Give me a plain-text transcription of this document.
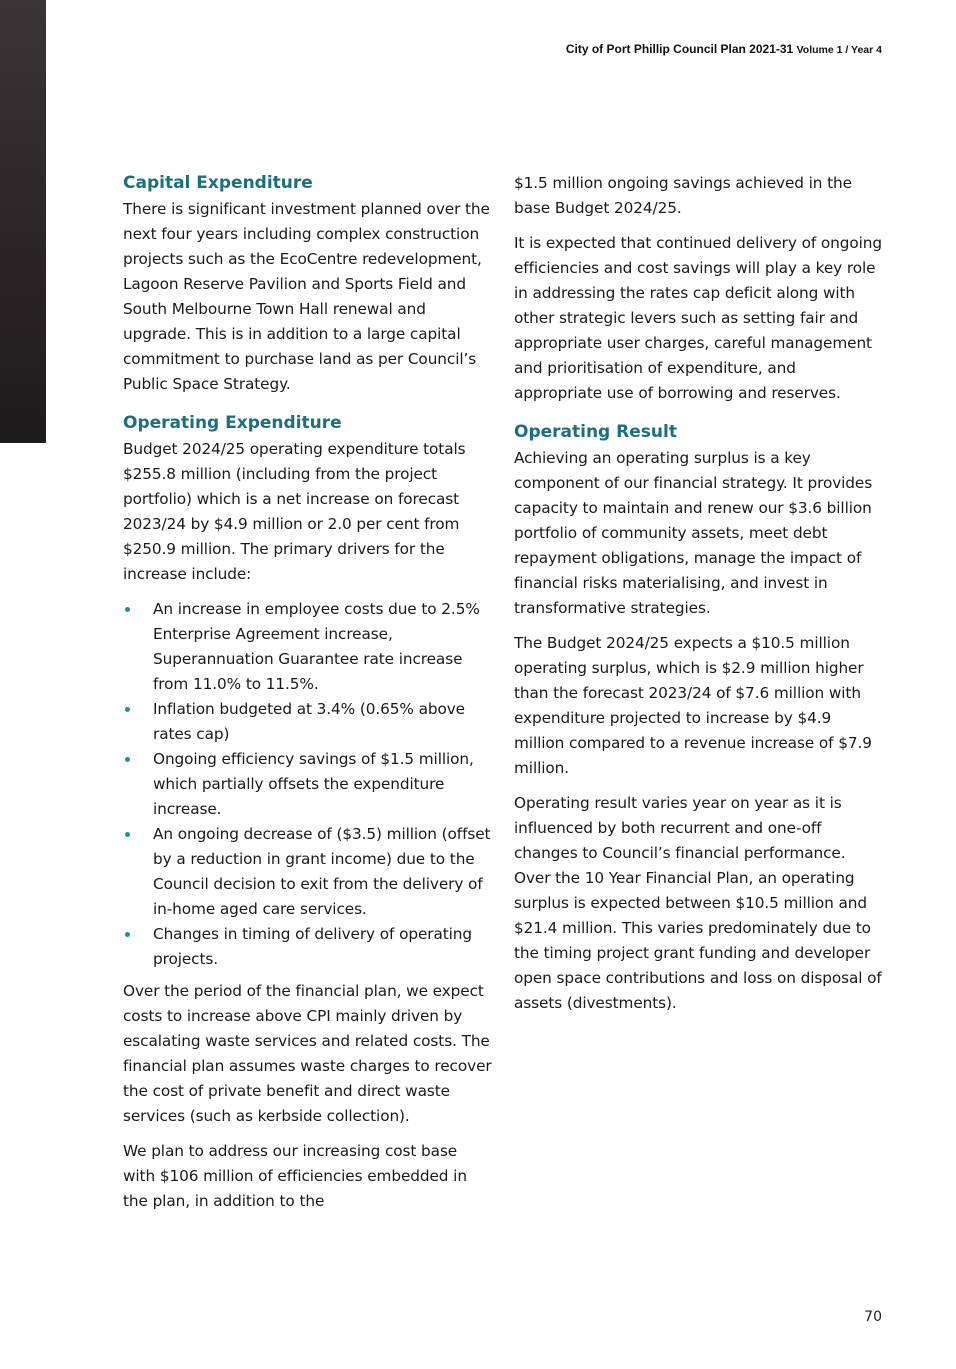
City of Port Phillip Council Plan 2021-31 Volume 1 / Year 4
Capital Expenditure

There is significant investment planned over the next four years including complex construction projects such as the EcoCentre redevelopment, Lagoon Reserve Pavilion and Sports Field and South Melbourne Town Hall renewal and upgrade. This is in addition to a large capital commitment to purchase land as per Council’s Public Space Strategy.

Operating Expenditure

Budget 2024/25 operating expenditure totals $255.8 million (including from the project portfolio) which is a net increase on forecast 2023/24 by $4.9 million or 2.0 per cent from $250.9 million. The primary drivers for the increase include:

An increase in employee costs due to 2.5% Enterprise Agreement increase, Superannuation Guarantee rate increase from 11.0% to 11.5%.
Inflation budgeted at 3.4% (0.65% above rates cap)
Ongoing efficiency savings of $1.5 million, which partially offsets the expenditure increase.
An ongoing decrease of ($3.5) million (offset by a reduction in grant income) due to the Council decision to exit from the delivery of in-home aged care services.
Changes in timing of delivery of operating projects.

Over the period of the financial plan, we expect costs to increase above CPI mainly driven by escalating waste services and related costs. The financial plan assumes waste charges to recover the cost of private benefit and direct waste services (such as kerbside collection).

We plan to address our increasing cost base with $106 million of efficiencies embedded in the plan, in addition to the

$1.5 million ongoing savings achieved in the base Budget 2024/25.

It is expected that continued delivery of ongoing efficiencies and cost savings will play a key role in addressing the rates cap deficit along with other strategic levers such as setting fair and appropriate user charges, careful management and prioritisation of expenditure, and appropriate use of borrowing and reserves.

Operating Result

Achieving an operating surplus is a key component of our financial strategy. It provides capacity to maintain and renew our $3.6 billion portfolio of community assets, meet debt repayment obligations, manage the impact of financial risks materialising, and invest in transformative strategies.

The Budget 2024/25 expects a $10.5 million operating surplus, which is $2.9 million higher than the forecast 2023/24 of $7.6 million with expenditure projected to increase by $4.9 million compared to a revenue increase of $7.9 million.

Operating result varies year on year as it is influenced by both recurrent and one-off changes to Council’s financial performance. Over the 10 Year Financial Plan, an operating surplus is expected between $10.5 million and $21.4 million. This varies predominately due to the timing project grant funding and developer open space contributions and loss on disposal of assets (divestments).

70
